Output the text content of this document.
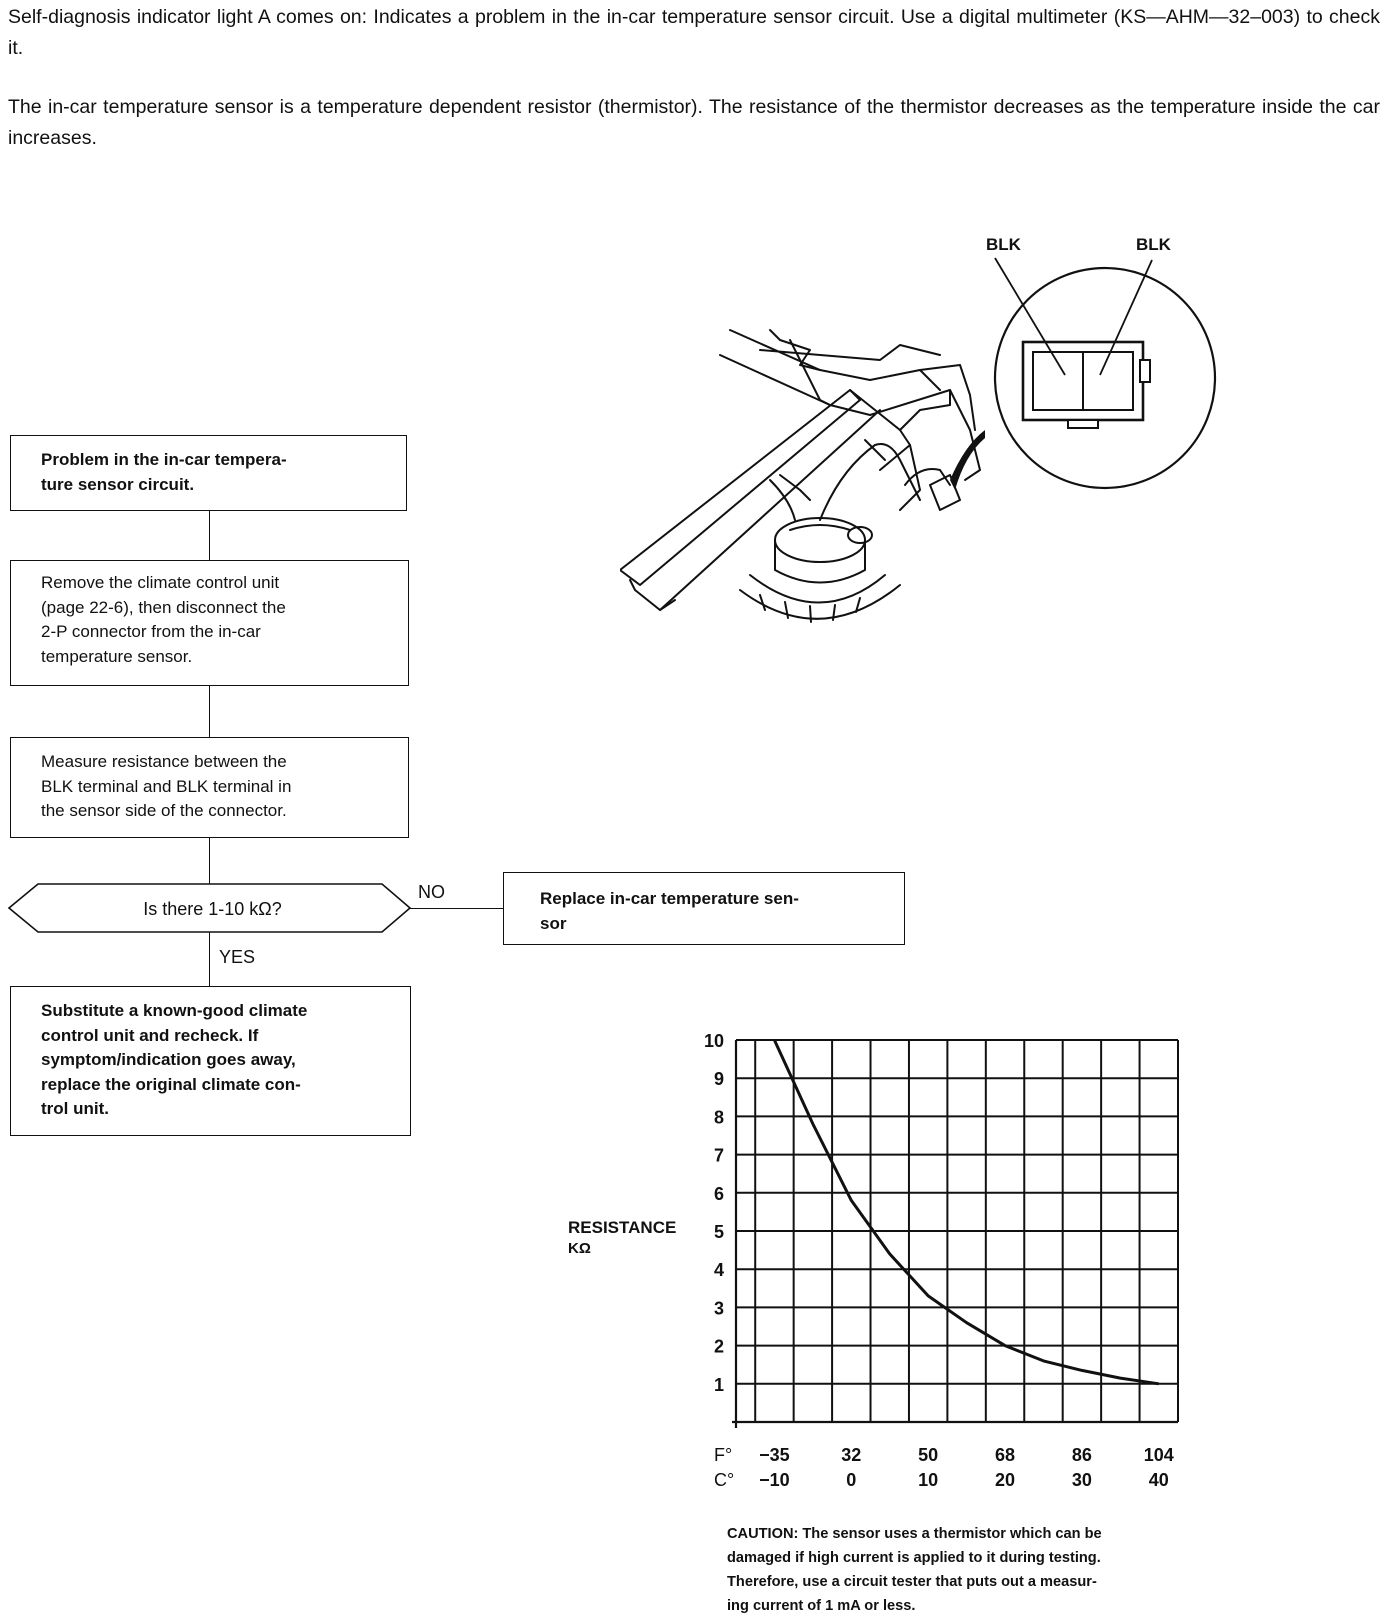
Self-diagnosis indicator light A comes on: Indicates a problem in the in-car temperature sensor circuit. Use a digital multimeter (KS—AHM—32–003) to check it.

The in-car temperature sensor is a temperature dependent resistor (thermistor). The resistance of the thermistor decreases as the temperature inside the car increases.

Problem in the in-car tempera-
ture sensor circuit.
Remove the climate control unit
(page 22-6), then disconnect the
2-P connector from the in-car
temperature sensor.
Measure resistance between the
BLK terminal and BLK terminal in
the sensor side of the connector.
Is there 1-10 kΩ?
NO
YES
Replace in-car temperature sen-
sor
Substitute a known-good climate
control unit and recheck. If
symptom/indication goes away,
replace the original climate con-
trol unit.
BLK	BLK
1
2
3
4
5
6
7
8
9
10
−35
−10
32
0
50
10
68
20
86
30
104
40
RESISTANCE
KΩ
F°
C°
CAUTION: The sensor uses a thermistor which can be
damaged if high current is applied to it during testing.
Therefore, use a circuit tester that puts out a measur-
ing current of 1 mA or less.
